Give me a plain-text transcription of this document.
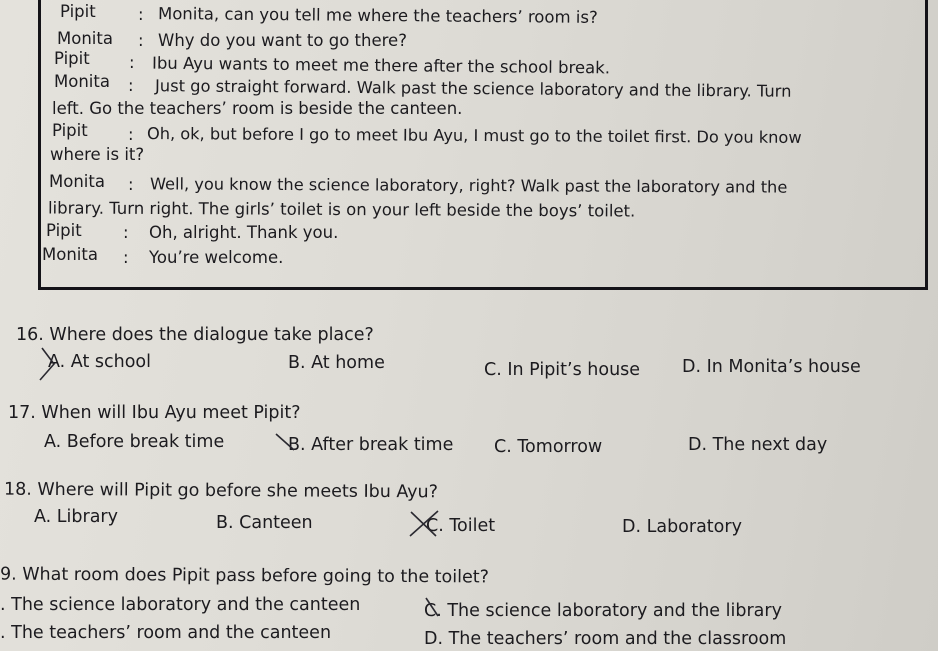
Pipit	: Monita, can you tell me where the teachers’ room is?
Monita : Why do you want to go there?
Pipit : Ibu Ayu wants to meet me there after the school break.
Monita : Just go straight forward. Walk past the science laboratory and the library. Turn
left. Go the teachers’ room is beside the canteen.
Pipit : Oh, ok, but before I go to meet Ibu Ayu, I must go to the toilet first. Do you know
where is it?
Monita : Well, you know the science laboratory, right? Walk past the laboratory and the
library. Turn right. The girls’ toilet is on your left beside the boys’ toilet.
Pipit	: Oh, alright. Thank you.
Monita : You’re welcome.
16. Where does the dialogue take place?
A. At school	B. At home	C. In Pipit’s house D. In Monita’s house
17. When will Ibu Ayu meet Pipit?
A. Before break time	B. After break time C. Tomorrow	D. The next day
18. Where will Pipit go before she meets Ibu Ayu?
A. Library	B. Canteen	C. Toilet	D. Laboratory
9. What room does Pipit pass before going to the toilet?
. The science laboratory and the canteen	C. The science laboratory and the library
. The teachers’ room and the canteen	D. The teachers’ room and the classroom
